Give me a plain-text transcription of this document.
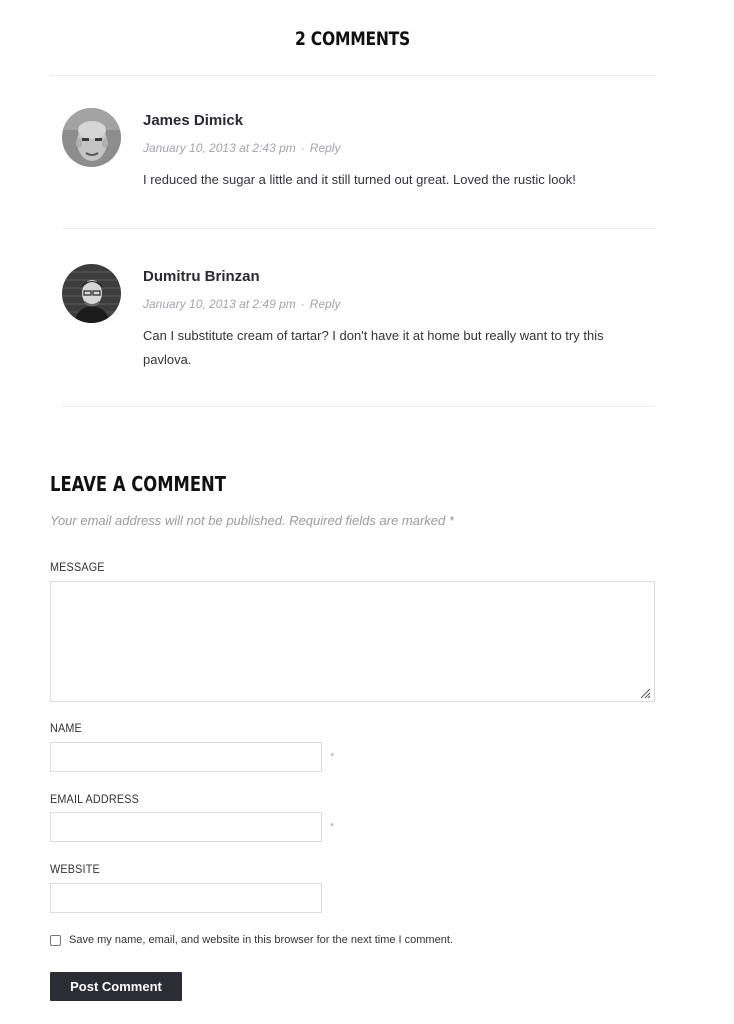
2 COMMENTS
James Dimick
January 10, 2013 at 2:43 pm · Reply
I reduced the sugar a little and it still turned out great. Loved the rustic look!
Dumitru Brinzan
January 10, 2013 at 2:49 pm · Reply
Can I substitute cream of tartar? I don't have it at home but really want to try this pavlova.
LEAVE A COMMENT
Your email address will not be published. Required fields are marked *
MESSAGE
NAME
*
EMAIL ADDRESS
*
WEBSITE
Save my name, email, and website in this browser for the next time I comment.
Post Comment
